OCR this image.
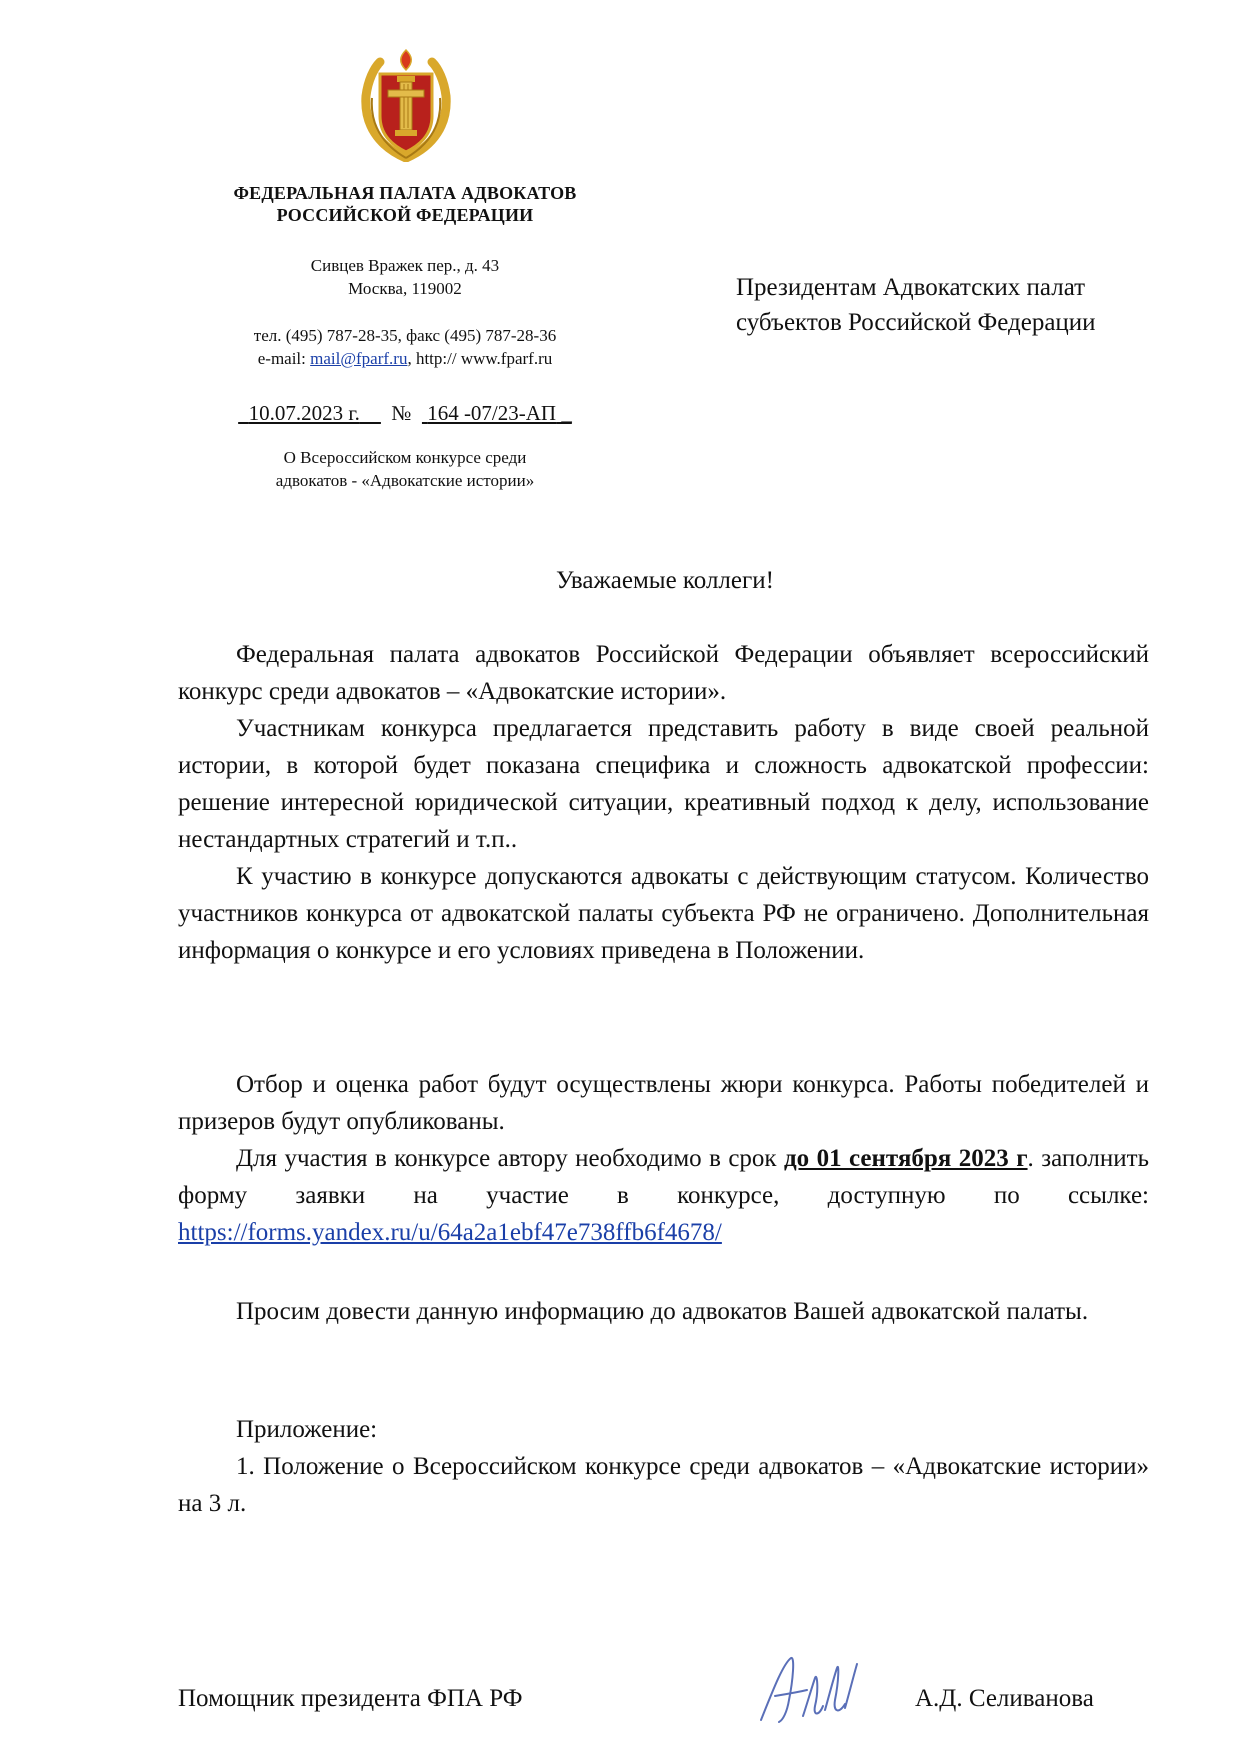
ФЕДЕРАЛЬНАЯ ПАЛАТА АДВОКАТОВ
РОССИЙСКОЙ ФЕДЕРАЦИИ
Сивцев Вражек пер., д. 43
Москва, 119002
тел. (495) 787-28-35, факс (495) 787-28-36
e-mail: mail@fparf.ru, http:// www.fparf.ru
10.07.2023 г. № 164 -07/23-АП _
О Всероссийском конкурсе среди
адвокатов - «Адвокатские истории»
Президентам Адвокатских палат
субъектов Российской Федерации
Уважаемые коллеги!

Федеральная палата адвокатов Российской Федерации объявляет всероссийский конкурс среди адвокатов – «Адвокатские истории».

Участникам конкурса предлагается представить работу в виде своей реальной истории, в которой будет показана специфика и сложность адвокатской профессии: решение интересной юридической ситуации, креативный подход к делу, использование нестандартных стратегий и т.п..

К участию в конкурсе допускаются адвокаты с действующим статусом. Количество участников конкурса от адвокатской палаты субъекта РФ не ограничено. Дополнительная информация о конкурсе и его условиях приведена в Положении.

Отбор и оценка работ будут осуществлены жюри конкурса. Работы победителей и призеров будут опубликованы.

Для участия в конкурсе автору необходимо в срок до 01 сентября 2023 г. заполнить форму заявки на участие в конкурсе, доступную по ссылке: https://forms.yandex.ru/u/64a2a1ebf47e738ffb6f4678/

Просим довести данную информацию до адвокатов Вашей адвокатской палаты.

Приложение:

1. Положение о Всероссийском конкурсе среди адвокатов – «Адвокатские истории» на 3 л.

Помощник президента ФПА РФ	А.Д. Селиванова
